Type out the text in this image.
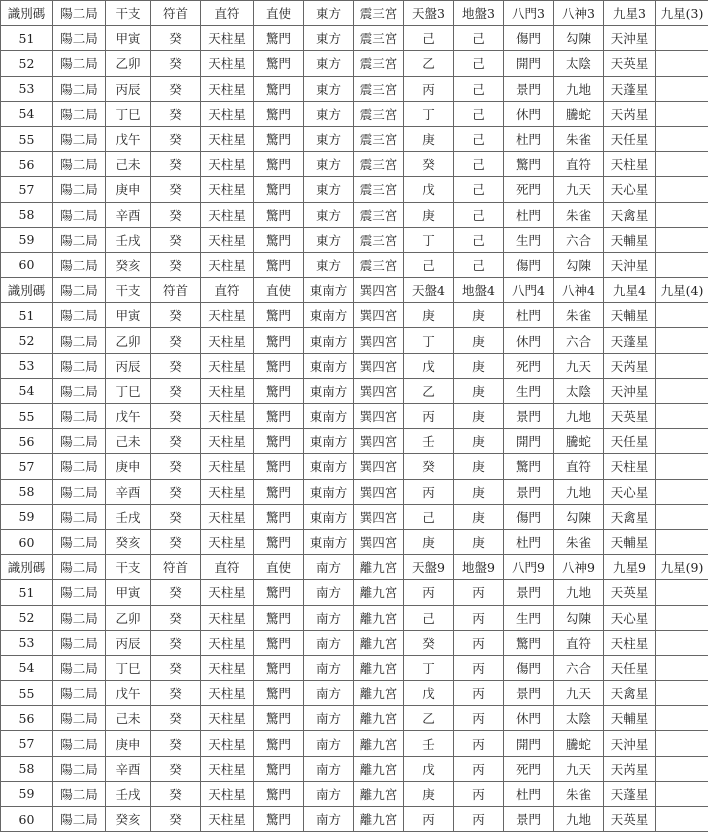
識別碼	陽二局	干支	符首	直符	直使	東方	震三宮	天盤3	地盤3	八門3	八神3	九星3	九星(3)
51	陽二局	甲寅	癸	天柱星	驚門	東方	震三宮	己	己	傷門	勾陳	天沖星	
52	陽二局	乙卯	癸	天柱星	驚門	東方	震三宮	乙	己	開門	太陰	天英星	
53	陽二局	丙辰	癸	天柱星	驚門	東方	震三宮	丙	己	景門	九地	天蓬星	
54	陽二局	丁巳	癸	天柱星	驚門	東方	震三宮	丁	己	休門	騰蛇	天芮星	
55	陽二局	戊午	癸	天柱星	驚門	東方	震三宮	庚	己	杜門	朱雀	天任星	
56	陽二局	己未	癸	天柱星	驚門	東方	震三宮	癸	己	驚門	直符	天柱星	
57	陽二局	庚申	癸	天柱星	驚門	東方	震三宮	戊	己	死門	九天	天心星	
58	陽二局	辛酉	癸	天柱星	驚門	東方	震三宮	庚	己	杜門	朱雀	天禽星	
59	陽二局	壬戌	癸	天柱星	驚門	東方	震三宮	丁	己	生門	六合	天輔星	
60	陽二局	癸亥	癸	天柱星	驚門	東方	震三宮	己	己	傷門	勾陳	天沖星	
識別碼	陽二局	干支	符首	直符	直使	東南方	巽四宮	天盤4	地盤4	八門4	八神4	九星4	九星(4)
51	陽二局	甲寅	癸	天柱星	驚門	東南方	巽四宮	庚	庚	杜門	朱雀	天輔星	
52	陽二局	乙卯	癸	天柱星	驚門	東南方	巽四宮	丁	庚	休門	六合	天蓬星	
53	陽二局	丙辰	癸	天柱星	驚門	東南方	巽四宮	戊	庚	死門	九天	天芮星	
54	陽二局	丁巳	癸	天柱星	驚門	東南方	巽四宮	乙	庚	生門	太陰	天沖星	
55	陽二局	戊午	癸	天柱星	驚門	東南方	巽四宮	丙	庚	景門	九地	天英星	
56	陽二局	己未	癸	天柱星	驚門	東南方	巽四宮	壬	庚	開門	騰蛇	天任星	
57	陽二局	庚申	癸	天柱星	驚門	東南方	巽四宮	癸	庚	驚門	直符	天柱星	
58	陽二局	辛酉	癸	天柱星	驚門	東南方	巽四宮	丙	庚	景門	九地	天心星	
59	陽二局	壬戌	癸	天柱星	驚門	東南方	巽四宮	己	庚	傷門	勾陳	天禽星	
60	陽二局	癸亥	癸	天柱星	驚門	東南方	巽四宮	庚	庚	杜門	朱雀	天輔星	
識別碼	陽二局	干支	符首	直符	直使	南方	離九宮	天盤9	地盤9	八門9	八神9	九星9	九星(9)
51	陽二局	甲寅	癸	天柱星	驚門	南方	離九宮	丙	丙	景門	九地	天英星	
52	陽二局	乙卯	癸	天柱星	驚門	南方	離九宮	己	丙	生門	勾陳	天心星	
53	陽二局	丙辰	癸	天柱星	驚門	南方	離九宮	癸	丙	驚門	直符	天柱星	
54	陽二局	丁巳	癸	天柱星	驚門	南方	離九宮	丁	丙	傷門	六合	天任星	
55	陽二局	戊午	癸	天柱星	驚門	南方	離九宮	戊	丙	景門	九天	天禽星	
56	陽二局	己未	癸	天柱星	驚門	南方	離九宮	乙	丙	休門	太陰	天輔星	
57	陽二局	庚申	癸	天柱星	驚門	南方	離九宮	壬	丙	開門	騰蛇	天沖星	
58	陽二局	辛酉	癸	天柱星	驚門	南方	離九宮	戊	丙	死門	九天	天芮星	
59	陽二局	壬戌	癸	天柱星	驚門	南方	離九宮	庚	丙	杜門	朱雀	天蓬星	
60	陽二局	癸亥	癸	天柱星	驚門	南方	離九宮	丙	丙	景門	九地	天英星	
